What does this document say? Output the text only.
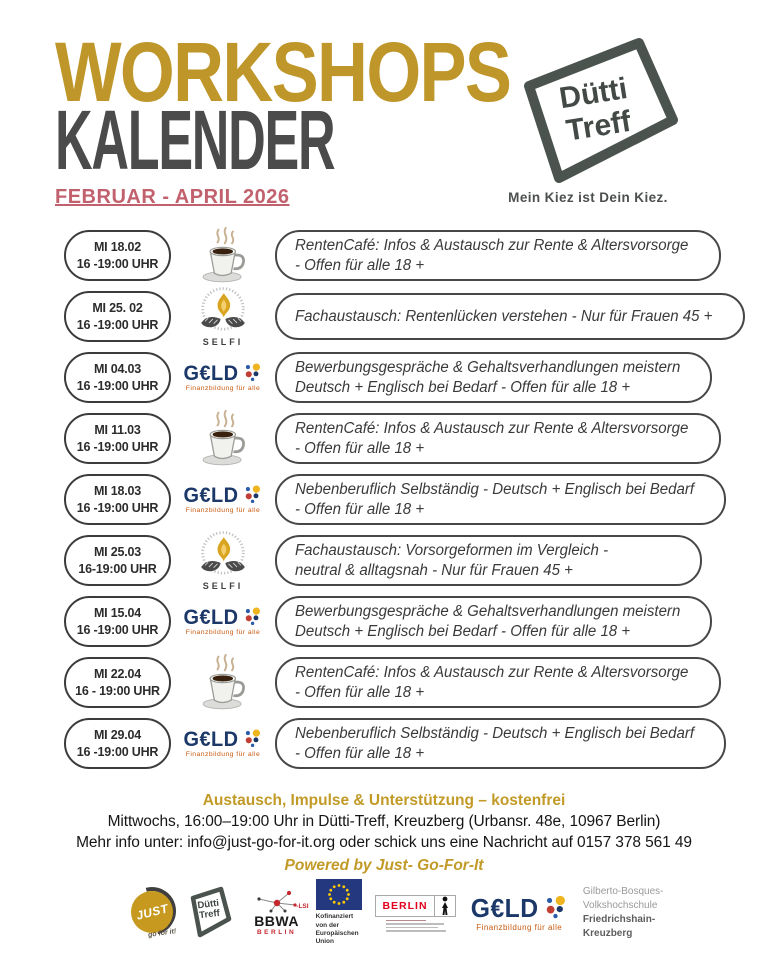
WORKSHOPS
KALENDER
FEBRUAR - APRIL 2026
Dütti
Treff
Mein Kiez ist Dein Kiez.
MI 18.02
16 -19:00 UHR
RentenCafé: Infos & Austausch zur Rente & Altersvorsorge
- Offen für alle 18 +
MI 25. 02
16 -19:00 UHR
SELFI
Fachaustausch: Rentenlücken verstehen - Nur für Frauen 45 +
MI 04.03
16 -19:00 UHR
G€LD
Finanzbildung für alle
Bewerbungsgespräche & Gehaltsverhandlungen meistern
Deutsch + Englisch bei Bedarf - Offen für alle 18 +
MI 11.03
16 -19:00 UHR
RentenCafé: Infos & Austausch zur Rente & Altersvorsorge
- Offen für alle 18 +
MI 18.03
16 -19:00 UHR
G€LD
Finanzbildung für alle
Nebenberuflich Selbständig - Deutsch + Englisch bei Bedarf
- Offen für alle 18 +
MI 25.03
16-19:00 UHR
SELFI
Fachaustausch: Vorsorgeformen im Vergleich -
neutral & alltagsnah - Nur für Frauen 45 +
MI 15.04
16 -19:00 UHR
G€LD
Finanzbildung für alle
Bewerbungsgespräche & Gehaltsverhandlungen meistern
Deutsch + Englisch bei Bedarf - Offen für alle 18 +
MI 22.04
16 - 19:00 UHR
RentenCafé: Infos & Austausch zur Rente & Altersvorsorge
- Offen für alle 18 +
MI 29.04
16 -19:00 UHR
G€LD
Finanzbildung für alle
Nebenberuflich Selbständig - Deutsch + Englisch bei Bedarf
- Offen für alle 18 +
Austausch, Impulse & Unterstützung – kostenfrei
Mittwochs, 16:00–19:00 Uhr in Dütti-Treff, Kreuzberg (Urbansr. 48e, 10967 Berlin)
Mehr info unter: info@just-go-for-it.org oder schick uns eine Nachricht auf 0157 378 561 49
Powered by Just- Go-For-It
JUST
go for it!
Dütti
Treff
-LSI
BBWA
BERLIN
Kofinanziert von der
Europäischen Union
BERLIN G€LD
Finanzbildung für alle
Gilberto-Bosques-Volkshochschule
Friedrichshain-Kreuzberg
